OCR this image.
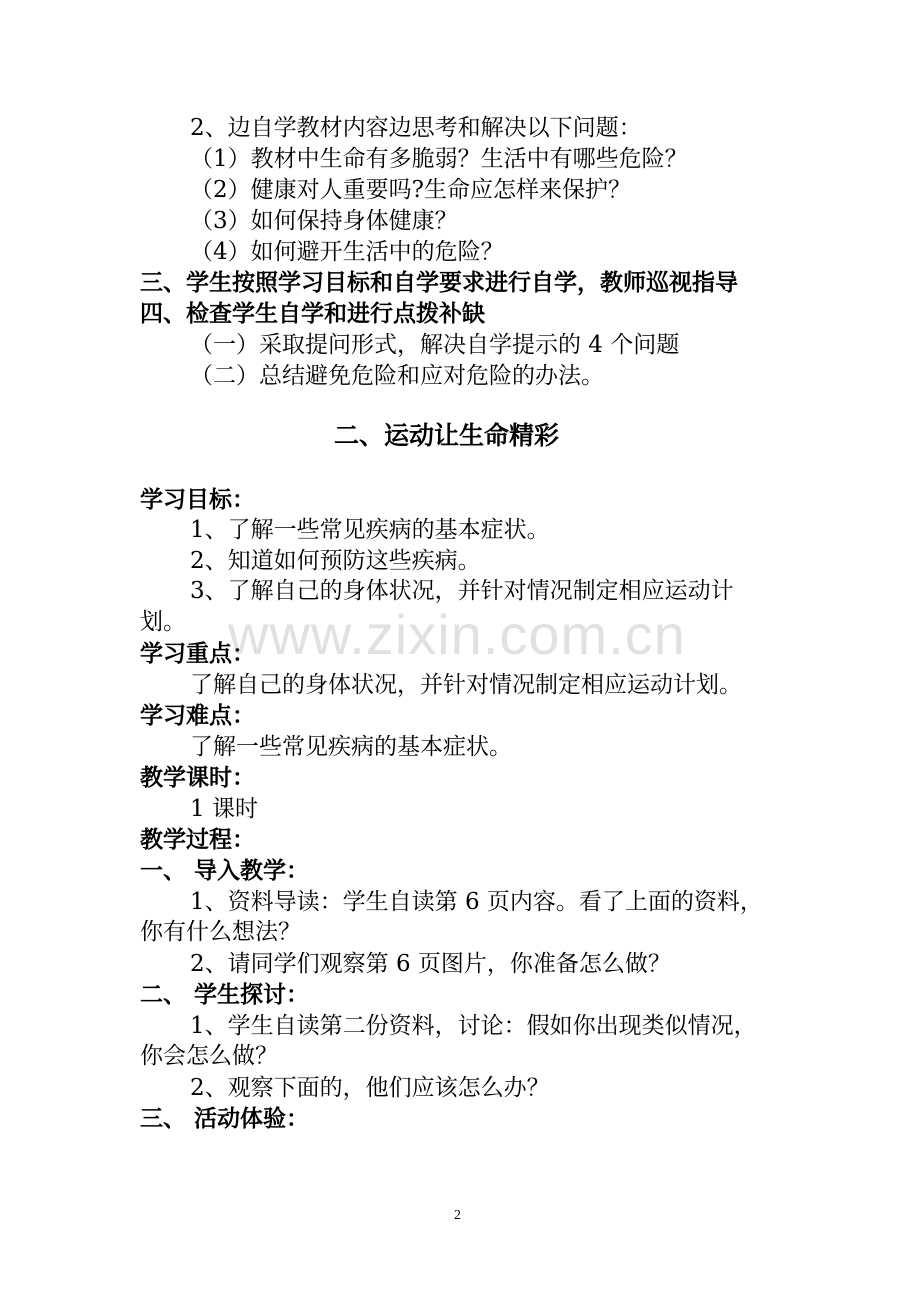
2、边自学教材内容边思考和解决以下问题：
（1）教材中生命有多脆弱？生活中有哪些危险？
（2）健康对人重要吗?生命应怎样来保护？
（3）如何保持身体健康？
（4）如何避开生活中的危险？
三、学生按照学习目标和自学要求进行自学，教师巡视指导
四、检查学生自学和进行点拨补缺
（一）采取提问形式，解决自学提示的 4 个问题
（二）总结避免危险和应对危险的办法。
二、运动让生命精彩
学习目标：
1、了解一些常见疾病的基本症状。
2、知道如何预防这些疾病。
3、了解自己的身体状况，并针对情况制定相应运动计
划。
学习重点：
了解自己的身体状况，并针对情况制定相应运动计划。
学习难点：
了解一些常见疾病的基本症状。
教学课时：
1 课时
教学过程：
一、 导入教学：
1、资料导读：学生自读第 6 页内容。看了上面的资料，
你有什么想法？
2、请同学们观察第 6 页图片，你准备怎么做？
二、 学生探讨：
1、学生自读第二份资料，讨论：假如你出现类似情况，
你会怎么做？
2、观察下面的，他们应该怎么办？
三、 活动体验：
www.zixin.com.cn
2
